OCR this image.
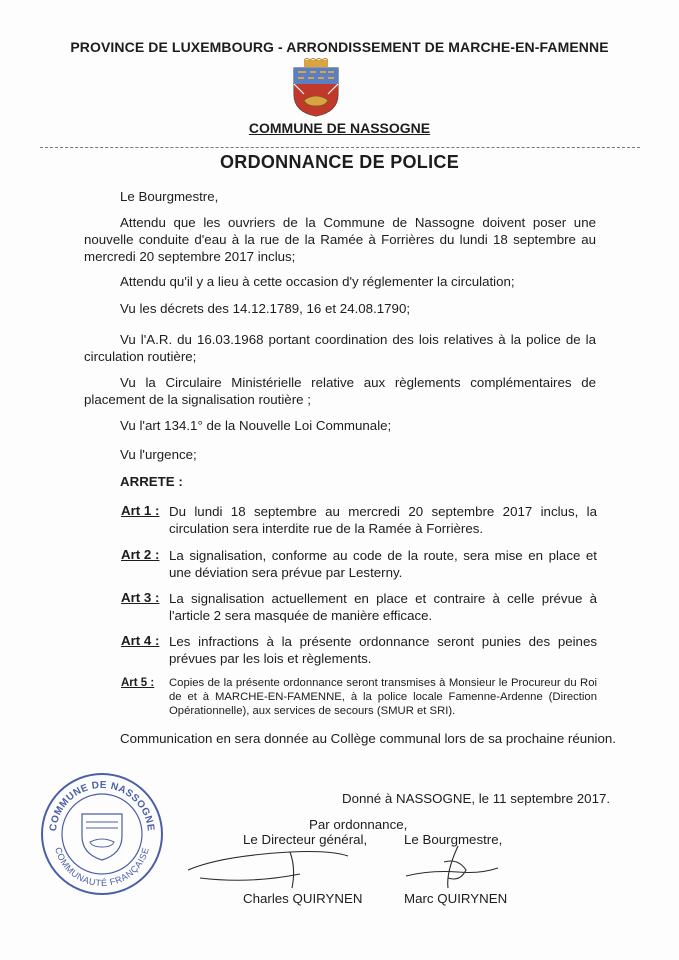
PROVINCE DE LUXEMBOURG - ARRONDISSEMENT DE MARCHE-EN-FAMENNE
COMMUNE DE NASSOGNE
ORDONNANCE DE POLICE
Le Bourgmestre,
Attendu que les ouvriers de la Commune de Nassogne doivent poser une nouvelle conduite d'eau à la rue de la Ramée à Forrières du lundi 18 septembre au mercredi 20 septembre 2017 inclus;
Attendu qu'il y a lieu à cette occasion d'y réglementer la circulation;
Vu les décrets des 14.12.1789, 16 et 24.08.1790;
Vu l'A.R. du 16.03.1968 portant coordination des lois relatives à la police de la circulation routière;
Vu la Circulaire Ministérielle relative aux règlements complémentaires de placement de la signalisation routière ;
Vu l'art 134.1° de la Nouvelle Loi Communale;
Vu l'urgence;
ARRETE :
Art 1 : Du lundi 18 septembre au mercredi 20 septembre 2017 inclus, la circulation sera interdite rue de la Ramée à Forrières.
Art 2 : La signalisation, conforme au code de la route, sera mise en place et une déviation sera prévue par Lesterny.
Art 3 : La signalisation actuellement en place et contraire à celle prévue à l'article 2 sera masquée de manière efficace.
Art 4 : Les infractions à la présente ordonnance seront punies des peines prévues par les lois et règlements.
Art 5 : Copies de la présente ordonnance seront transmises à Monsieur le Procureur du Roi de et à MARCHE-EN-FAMENNE, à la police locale Famenne-Ardenne (Direction Opérationnelle), aux services de secours (SMUR et SRI).
Communication en sera donnée au Collège communal lors de sa prochaine réunion.
Donné à NASSOGNE, le 11 septembre 2017.
Par ordonnance,
Le Directeur général,	Le Bourgmestre,
Charles QUIRYNEN	Marc QUIRYNEN
COMMUNE DE NASSOGNE
COMMUNAUTÉ FRANÇAISE
